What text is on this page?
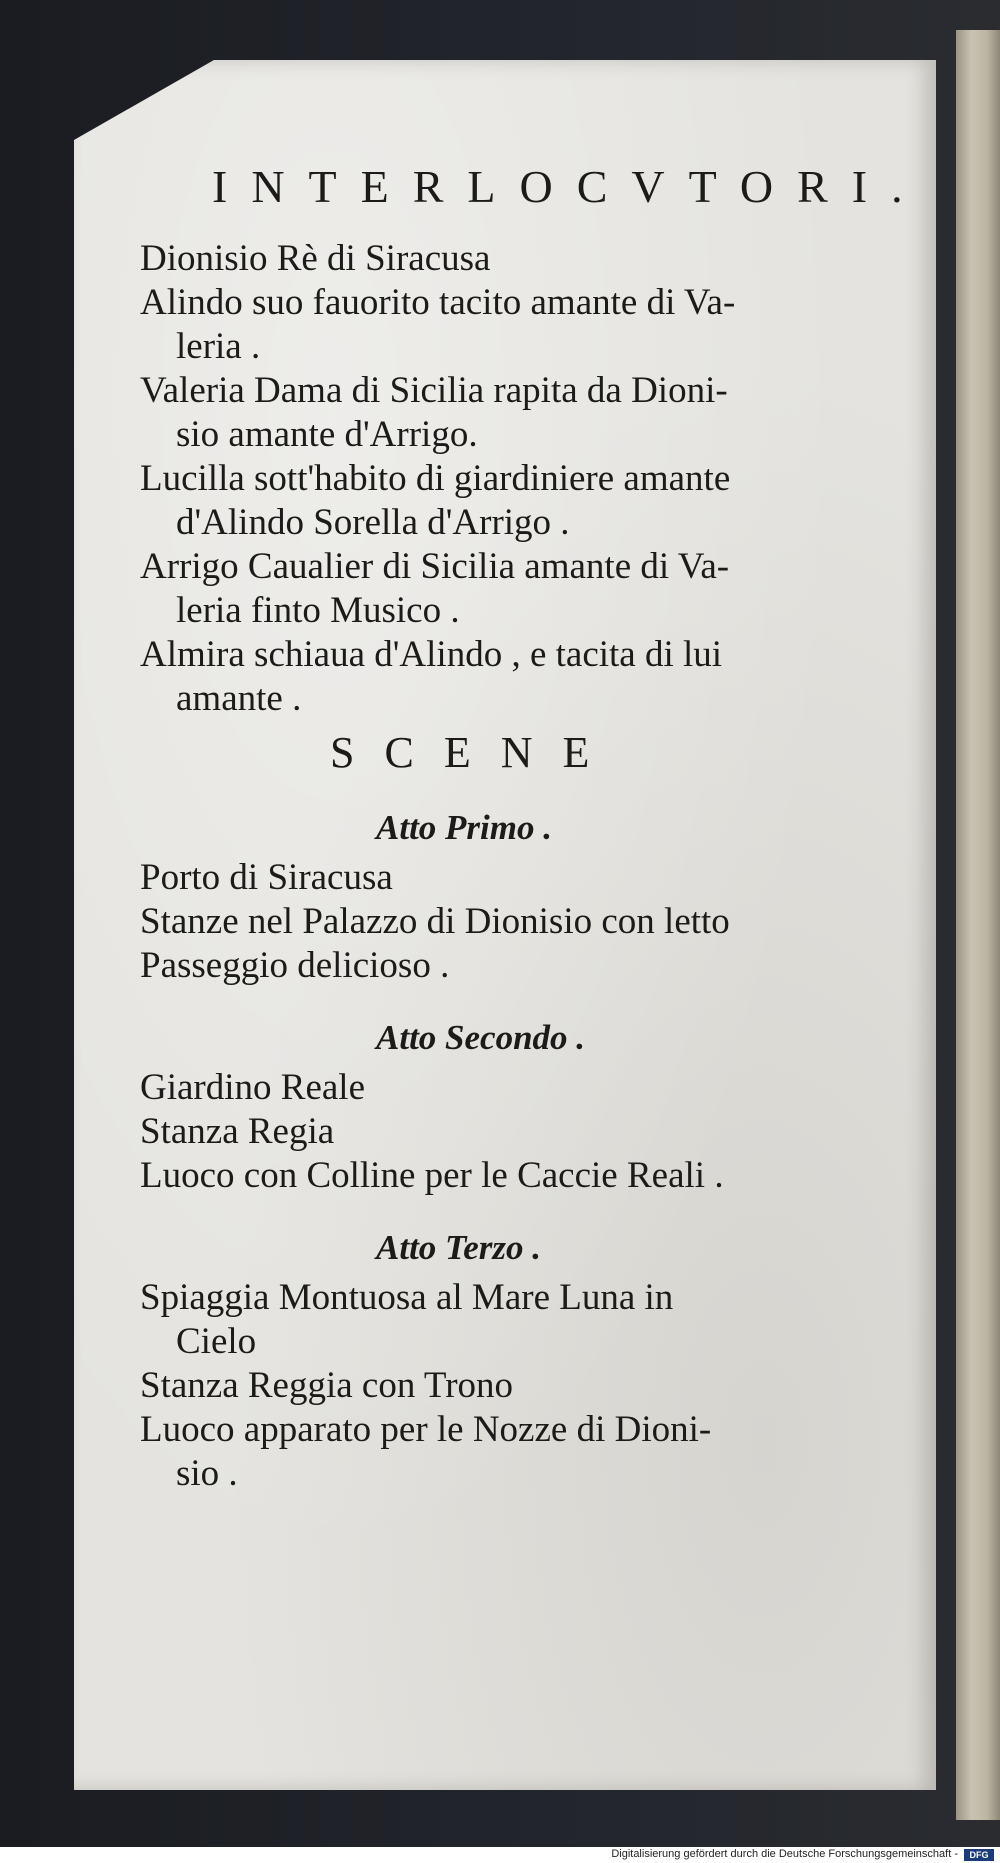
INTERLOCVTORI.
Dionisio Rè di Siracusa
Alindo suo fauorito tacito amante di Va-
leria .
Valeria Dama di Sicilia rapita da Dioni-
sio amante d'Arrigo.
Lucilla sott'habito di giardiniere amante
d'Alindo Sorella d'Arrigo .
Arrigo Caualier di Sicilia amante di Va-
leria finto Musico .
Almira schiaua d'Alindo , e tacita di lui
amante .
SCENE
Atto Primo .
Porto di Siracusa
Stanze nel Palazzo di Dionisio con letto
Passeggio delicioso .
Atto Secondo .
Giardino Reale
Stanza Regia
Luoco con Colline per le Caccie Reali .
Atto Terzo .
Spiaggia Montuosa al Mare Luna in
Cielo
Stanza Reggia con Trono
Luoco apparato per le Nozze di Dioni-
sio .
Digitalisierung gefördert durch die Deutsche Forschungsgemeinschaft -	DFG
